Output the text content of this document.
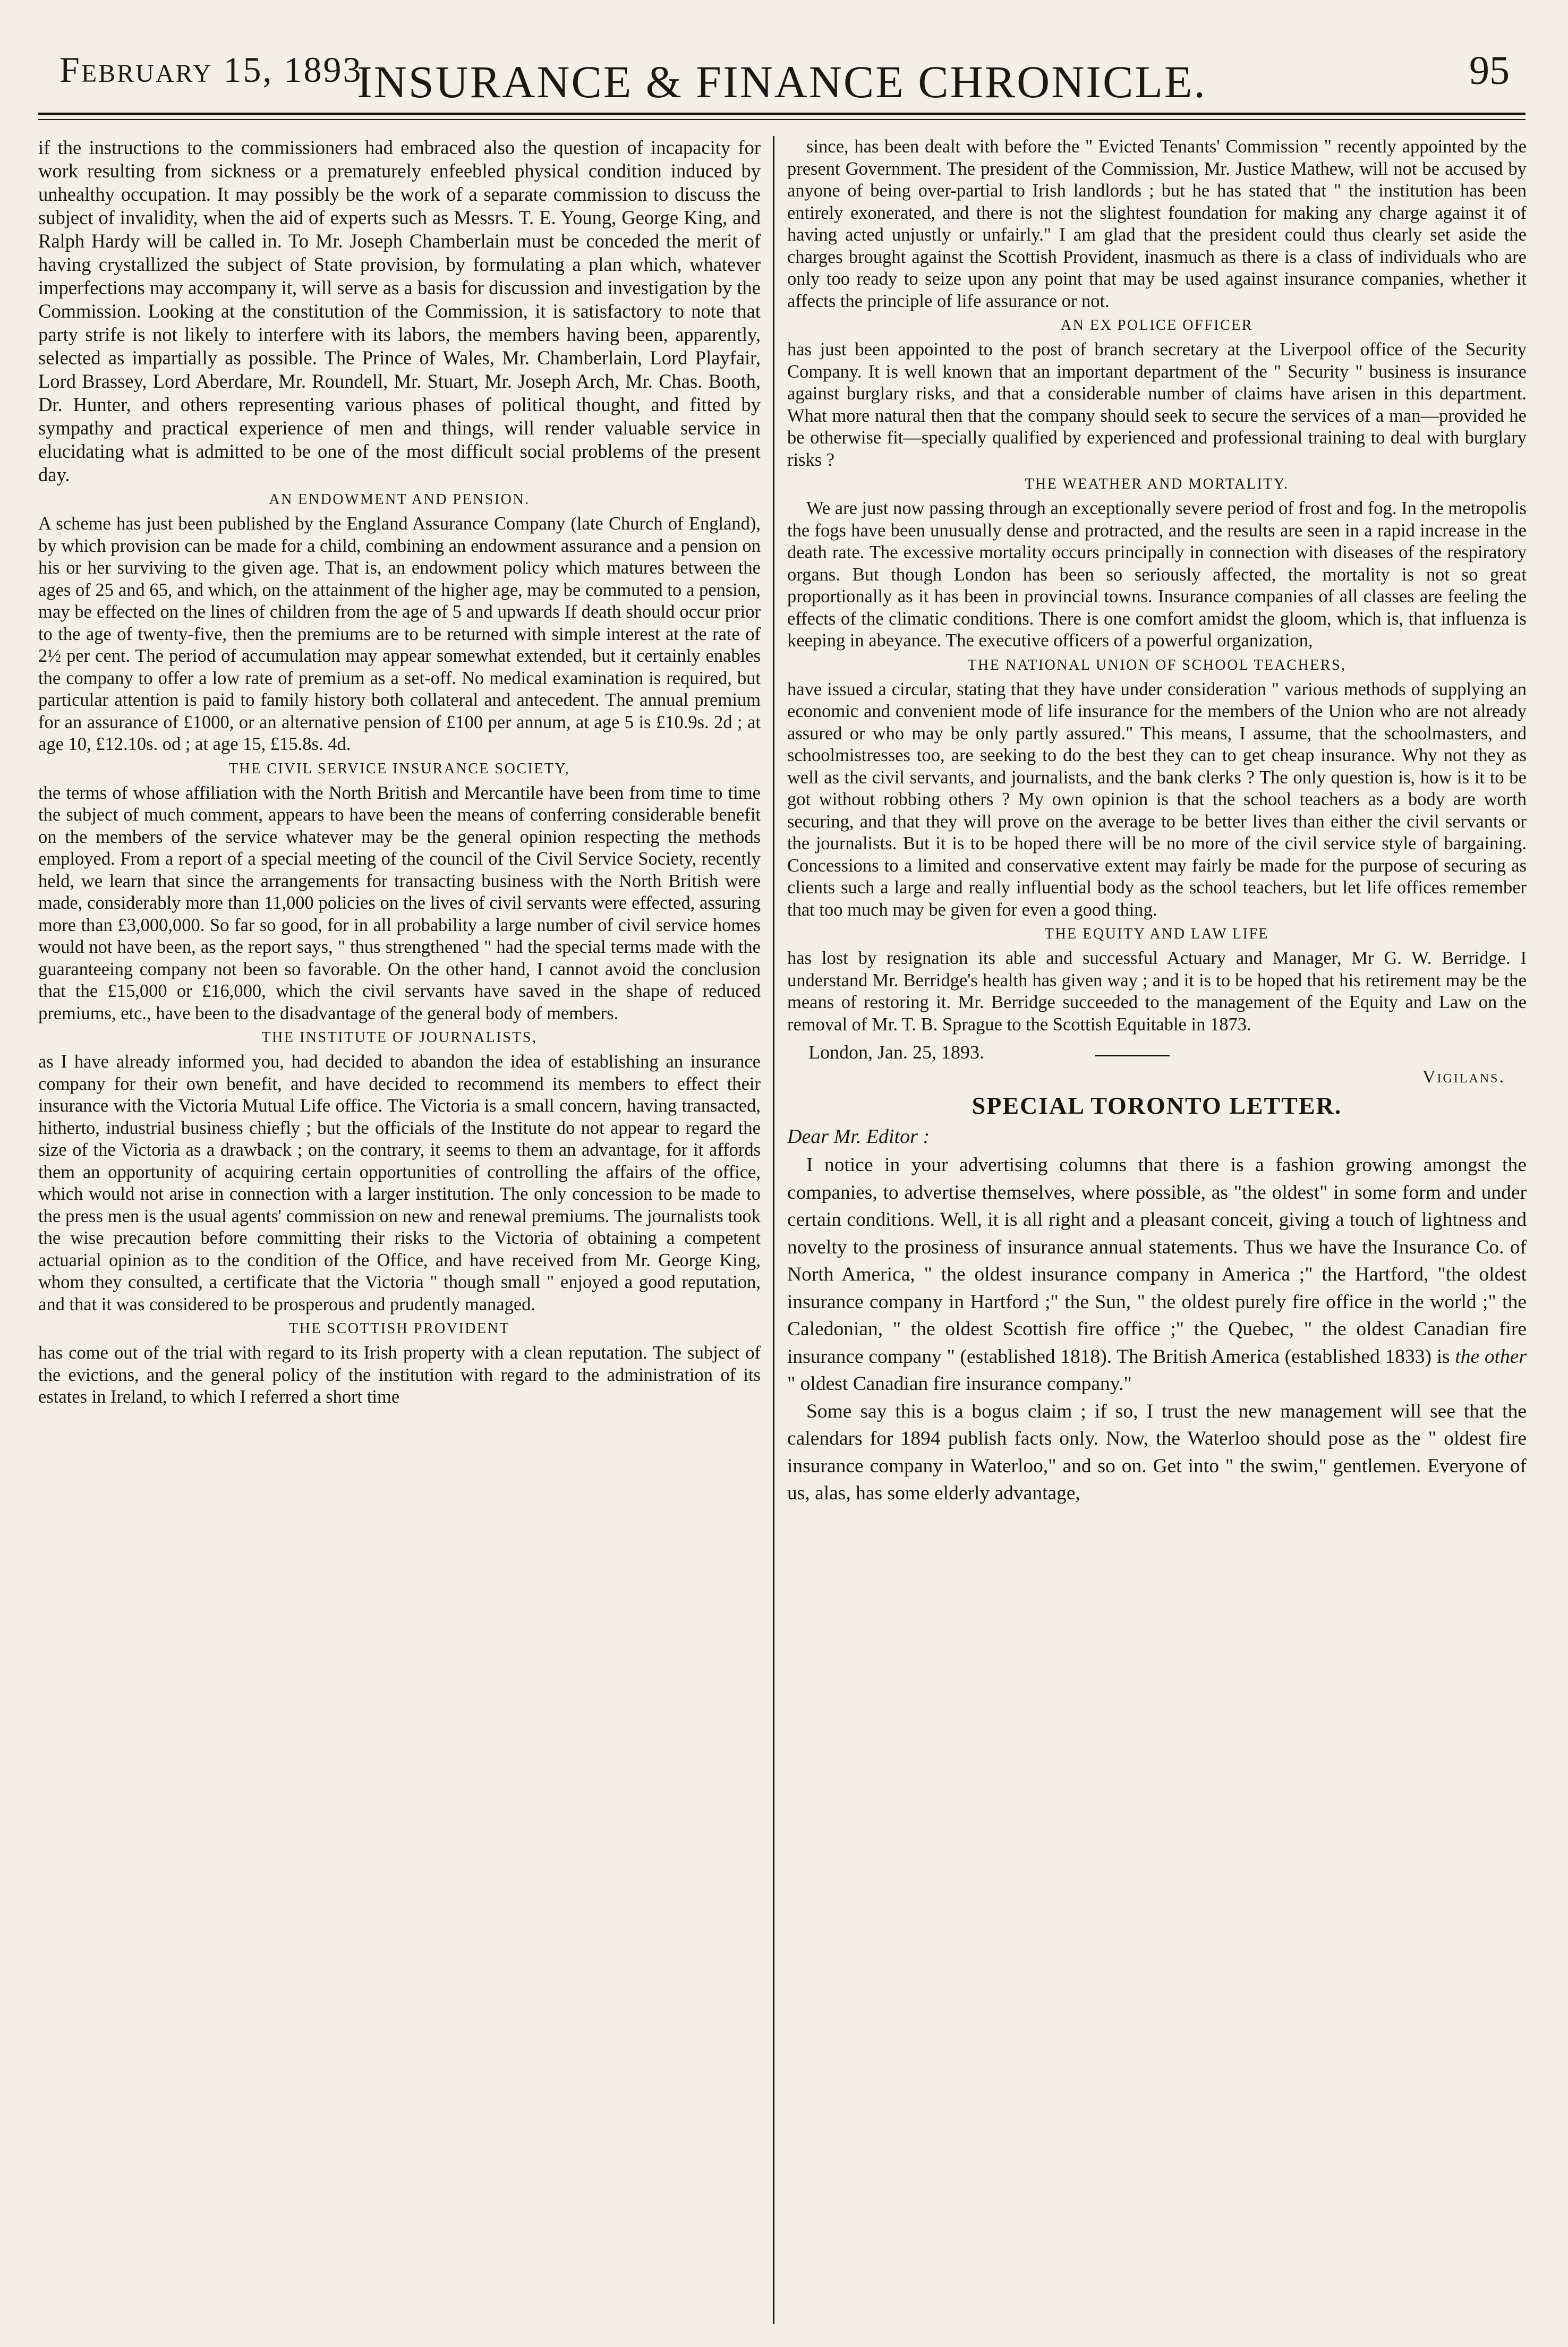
February 15, 1893
INSURANCE & FINANCE CHRONICLE.	95

if the instructions to the commissioners had embraced also the question of incapacity for work resulting from sickness or a prematurely enfeebled physical condition induced by unhealthy occupation. It may possibly be the work of a separate commission to discuss the subject of invalidity, when the aid of experts such as Messrs. T. E. Young, George King, and Ralph Hardy will be called in. To Mr. Joseph Chamberlain must be conceded the merit of having crystallized the subject of State provision, by formulating a plan which, whatever imperfections may accompany it, will serve as a basis for discussion and investigation by the Commission. Looking at the constitution of the Commission, it is satisfactory to note that party strife is not likely to interfere with its labors, the members having been, apparently, selected as impartially as possible. The Prince of Wales, Mr. Chamberlain, Lord Playfair, Lord Brassey, Lord Aberdare, Mr. Roundell, Mr. Stuart, Mr. Joseph Arch, Mr. Chas. Booth, Dr. Hunter, and others representing various phases of political thought, and fitted by sympathy and practical experience of men and things, will render valuable service in elucidating what is admitted to be one of the most difficult social problems of the present day.

AN ENDOWMENT AND PENSION.

A scheme has just been published by the England Assurance Company (late Church of England), by which provision can be made for a child, combining an endowment assurance and a pension on his or her surviving to the given age. That is, an endowment policy which matures between the ages of 25 and 65, and which, on the attainment of the higher age, may be commuted to a pension, may be effected on the lines of children from the age of 5 and upwards If death should occur prior to the age of twenty-five, then the premiums are to be returned with simple interest at the rate of 2½ per cent. The period of accumulation may appear somewhat extended, but it certainly enables the company to offer a low rate of premium as a set-off. No medical examination is required, but particular attention is paid to family history both collateral and antecedent. The annual premium for an assurance of £1000, or an alternative pension of £100 per annum, at age 5 is £10.9s. 2d ; at age 10, £12.10s. od ; at age 15, £15.8s. 4d.

THE CIVIL SERVICE INSURANCE SOCIETY,

the terms of whose affiliation with the North British and Mercantile have been from time to time the subject of much comment, appears to have been the means of conferring considerable benefit on the members of the service whatever may be the general opinion respecting the methods employed. From a report of a special meeting of the council of the Civil Service Society, recently held, we learn that since the arrangements for transacting business with the North British were made, considerably more than 11,000 policies on the lives of civil servants were effected, assuring more than £3,000,000. So far so good, for in all probability a large number of civil service homes would not have been, as the report says, " thus strengthened " had the special terms made with the guaranteeing company not been so favorable. On the other hand, I cannot avoid the conclusion that the £15,000 or £16,000, which the civil servants have saved in the shape of reduced premiums, etc., have been to the disadvantage of the general body of members.

THE INSTITUTE OF JOURNALISTS,

as I have already informed you, had decided to abandon the idea of establishing an insurance company for their own benefit, and have decided to recommend its members to effect their insurance with the Victoria Mutual Life office. The Victoria is a small concern, having transacted, hitherto, industrial business chiefly ; but the officials of the Institute do not appear to regard the size of the Victoria as a drawback ; on the contrary, it seems to them an advantage, for it affords them an opportunity of acquiring certain opportunities of controlling the affairs of the office, which would not arise in connection with a larger institution. The only concession to be made to the press men is the usual agents' commission on new and renewal premiums. The journalists took the wise precaution before committing their risks to the Victoria of obtaining a competent actuarial opinion as to the condition of the Office, and have received from Mr. George King, whom they consulted, a certificate that the Victoria " though small " enjoyed a good reputation, and that it was considered to be prosperous and prudently managed.

THE SCOTTISH PROVIDENT

has come out of the trial with regard to its Irish property with a clean reputation. The subject of the evictions, and the general policy of the institution with regard to the administration of its estates in Ireland, to which I referred a short time

since, has been dealt with before the " Evicted Tenants' Commission " recently appointed by the present Government. The president of the Commission, Mr. Justice Mathew, will not be accused by anyone of being over-partial to Irish landlords ; but he has stated that " the institution has been entirely exonerated, and there is not the slightest foundation for making any charge against it of having acted unjustly or unfairly." I am glad that the president could thus clearly set aside the charges brought against the Scottish Provident, inasmuch as there is a class of individuals who are only too ready to seize upon any point that may be used against insurance companies, whether it affects the principle of life assurance or not.

AN EX POLICE OFFICER

has just been appointed to the post of branch secretary at the Liverpool office of the Security Company. It is well known that an important department of the " Security " business is insurance against burglary risks, and that a considerable number of claims have arisen in this department. What more natural then that the company should seek to secure the services of a man—provided he be otherwise fit—specially qualified by experienced and professional training to deal with burglary risks ?

THE WEATHER AND MORTALITY.

We are just now passing through an exceptionally severe period of frost and fog. In the metropolis the fogs have been unusually dense and protracted, and the results are seen in a rapid increase in the death rate. The excessive mortality occurs principally in connection with diseases of the respiratory organs. But though London has been so seriously affected, the mortality is not so great proportionally as it has been in provincial towns. Insurance companies of all classes are feeling the effects of the climatic conditions. There is one comfort amidst the gloom, which is, that influenza is keeping in abeyance. The executive officers of a powerful organization,

THE NATIONAL UNION OF SCHOOL TEACHERS,

have issued a circular, stating that they have under consideration " various methods of supplying an economic and convenient mode of life insurance for the members of the Union who are not already assured or who may be only partly assured." This means, I assume, that the schoolmasters, and schoolmistresses too, are seeking to do the best they can to get cheap insurance. Why not they as well as the civil servants, and journalists, and the bank clerks ? The only question is, how is it to be got without robbing others ? My own opinion is that the school teachers as a body are worth securing, and that they will prove on the average to be better lives than either the civil servants or the journalists. But it is to be hoped there will be no more of the civil service style of bargaining. Concessions to a limited and conservative extent may fairly be made for the purpose of securing as clients such a large and really influential body as the school teachers, but let life offices remember that too much may be given for even a good thing.

THE EQUITY AND LAW LIFE

has lost by resignation its able and successful Actuary and Manager, Mr G. W. Berridge. I understand Mr. Berridge's health has given way ; and it is to be hoped that his retirement may be the means of restoring it. Mr. Berridge succeeded to the management of the Equity and Law on the removal of Mr. T. B. Sprague to the Scottish Equitable in 1873.

London, Jan. 25, 1893.
Vigilans.
SPECIAL TORONTO LETTER.
Dear Mr. Editor :

I notice in your advertising columns that there is a fashion growing amongst the companies, to advertise themselves, where possible, as "the oldest" in some form and under certain conditions. Well, it is all right and a pleasant conceit, giving a touch of lightness and novelty to the prosiness of insurance annual statements. Thus we have the Insurance Co. of North America, " the oldest insurance company in America ;" the Hartford, "the oldest insurance company in Hartford ;" the Sun, " the oldest purely fire office in the world ;" the Caledonian, " the oldest Scottish fire office ;" the Quebec, " the oldest Canadian fire insurance company " (established 1818). The British America (established 1833) is the other " oldest Canadian fire insurance company."

Some say this is a bogus claim ; if so, I trust the new management will see that the calendars for 1894 publish facts only. Now, the Waterloo should pose as the " oldest fire insurance company in Waterloo," and so on. Get into " the swim," gentlemen. Everyone of us, alas, has some elderly advantage,
